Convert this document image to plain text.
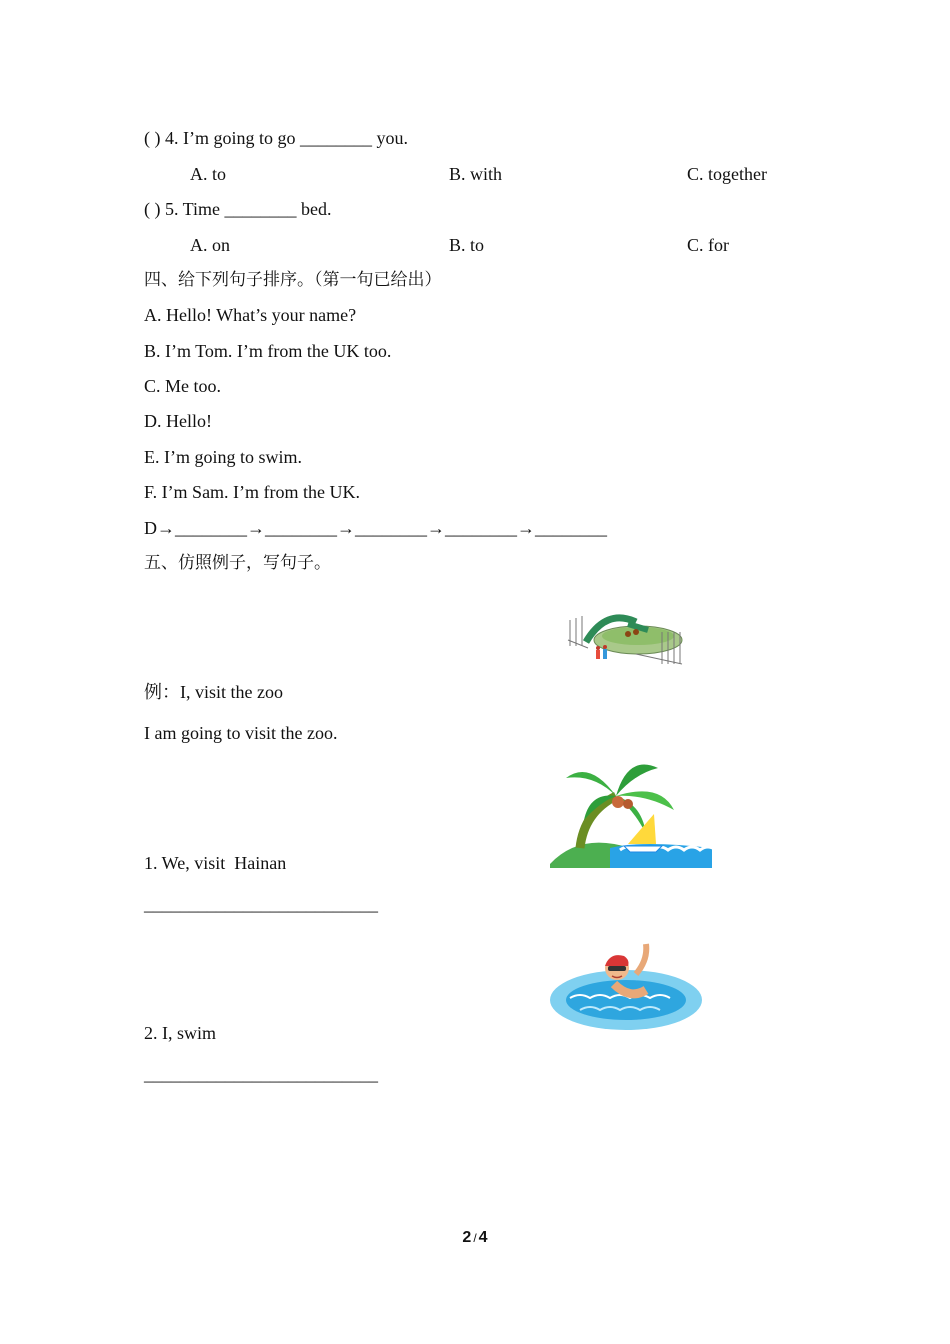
( ) 4. I’m going to go ________ you.
A. to	B. with	C. together
( ) 5. Time ________ bed.
A. on	B. to	C. for
四、给下列句子排序。（第一句已给出）
A. Hello! What’s your name?
B. I’m Tom. I’m from the UK too.
C. Me too.
D. Hello!
E. I’m going to swim.
F. I’m Sam. I’m from the UK.
D→________→________→________→________→________
五、仿照例子，写句子。
例：I, visit the zoo
I am going to visit the zoo.
1. We, visit  Hainan
__________________________
2. I, swim
__________________________
2 / 4
